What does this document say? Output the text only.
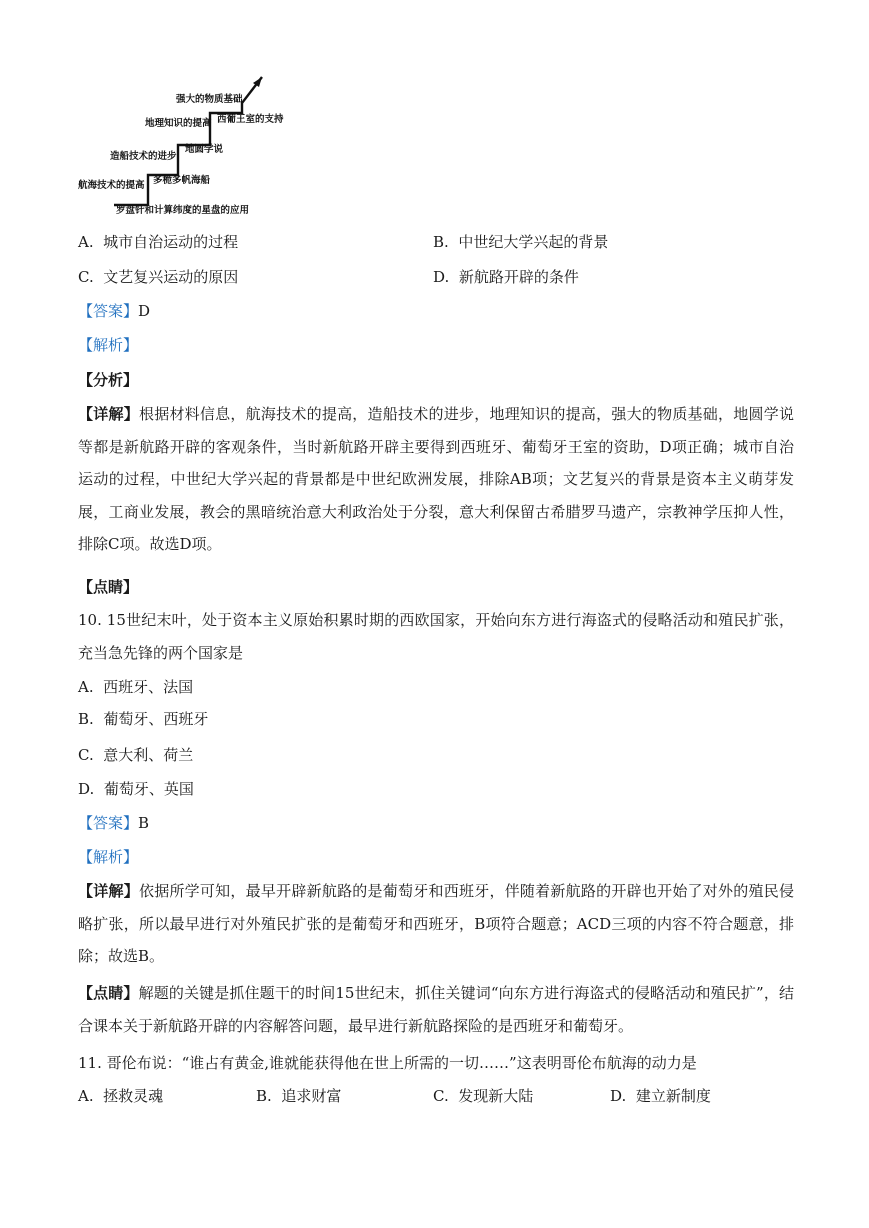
强大的物质基础
地理知识的提高
造船技术的进步
航海技术的提高
西葡王室的支持
地圆学说
多桅多帆海船
罗盘针和计算纬度的星盘的应用
A. 城市自治运动的过程	B. 中世纪大学兴起的背景
C. 文艺复兴运动的原因	D. 新航路开辟的条件
【答案】D
【解析】
【分析】
【详解】根据材料信息，航海技术的提高，造船技术的进步，地理知识的提高，强大的物质基础，地圆学说等都是新航路开辟的客观条件，当时新航路开辟主要得到西班牙、葡萄牙王室的资助，D项正确；城市自治运动的过程，中世纪大学兴起的背景都是中世纪欧洲发展，排除AB项；文艺复兴的背景是资本主义萌芽发展，工商业发展，教会的黑暗统治意大利政治处于分裂，意大利保留古希腊罗马遗产，宗教神学压抑人性，排除C项。故选D项。
【点睛】
10. 15世纪末叶，处于资本主义原始积累时期的西欧国家，开始向东方进行海盗式的侵略活动和殖民扩张，充当急先锋的两个国家是
A. 西班牙、法国
B. 葡萄牙、西班牙
C. 意大利、荷兰
D. 葡萄牙、英国
【答案】B
【解析】
【详解】依据所学可知，最早开辟新航路的是葡萄牙和西班牙，伴随着新航路的开辟也开始了对外的殖民侵略扩张，所以最早进行对外殖民扩张的是葡萄牙和西班牙，B项符合题意；ACD三项的内容不符合题意，排除；故选B。
【点睛】解题的关键是抓住题干的时间15世纪末，抓住关键词“向东方进行海盗式的侵略活动和殖民扩”，结合课本关于新航路开辟的内容解答问题，最早进行新航路探险的是西班牙和葡萄牙。
11. 哥伦布说：“谁占有黄金,谁就能获得他在世上所需的一切……”这表明哥伦布航海的动力是
A. 拯救灵魂	B. 追求财富	C. 发现新大陆	D. 建立新制度
